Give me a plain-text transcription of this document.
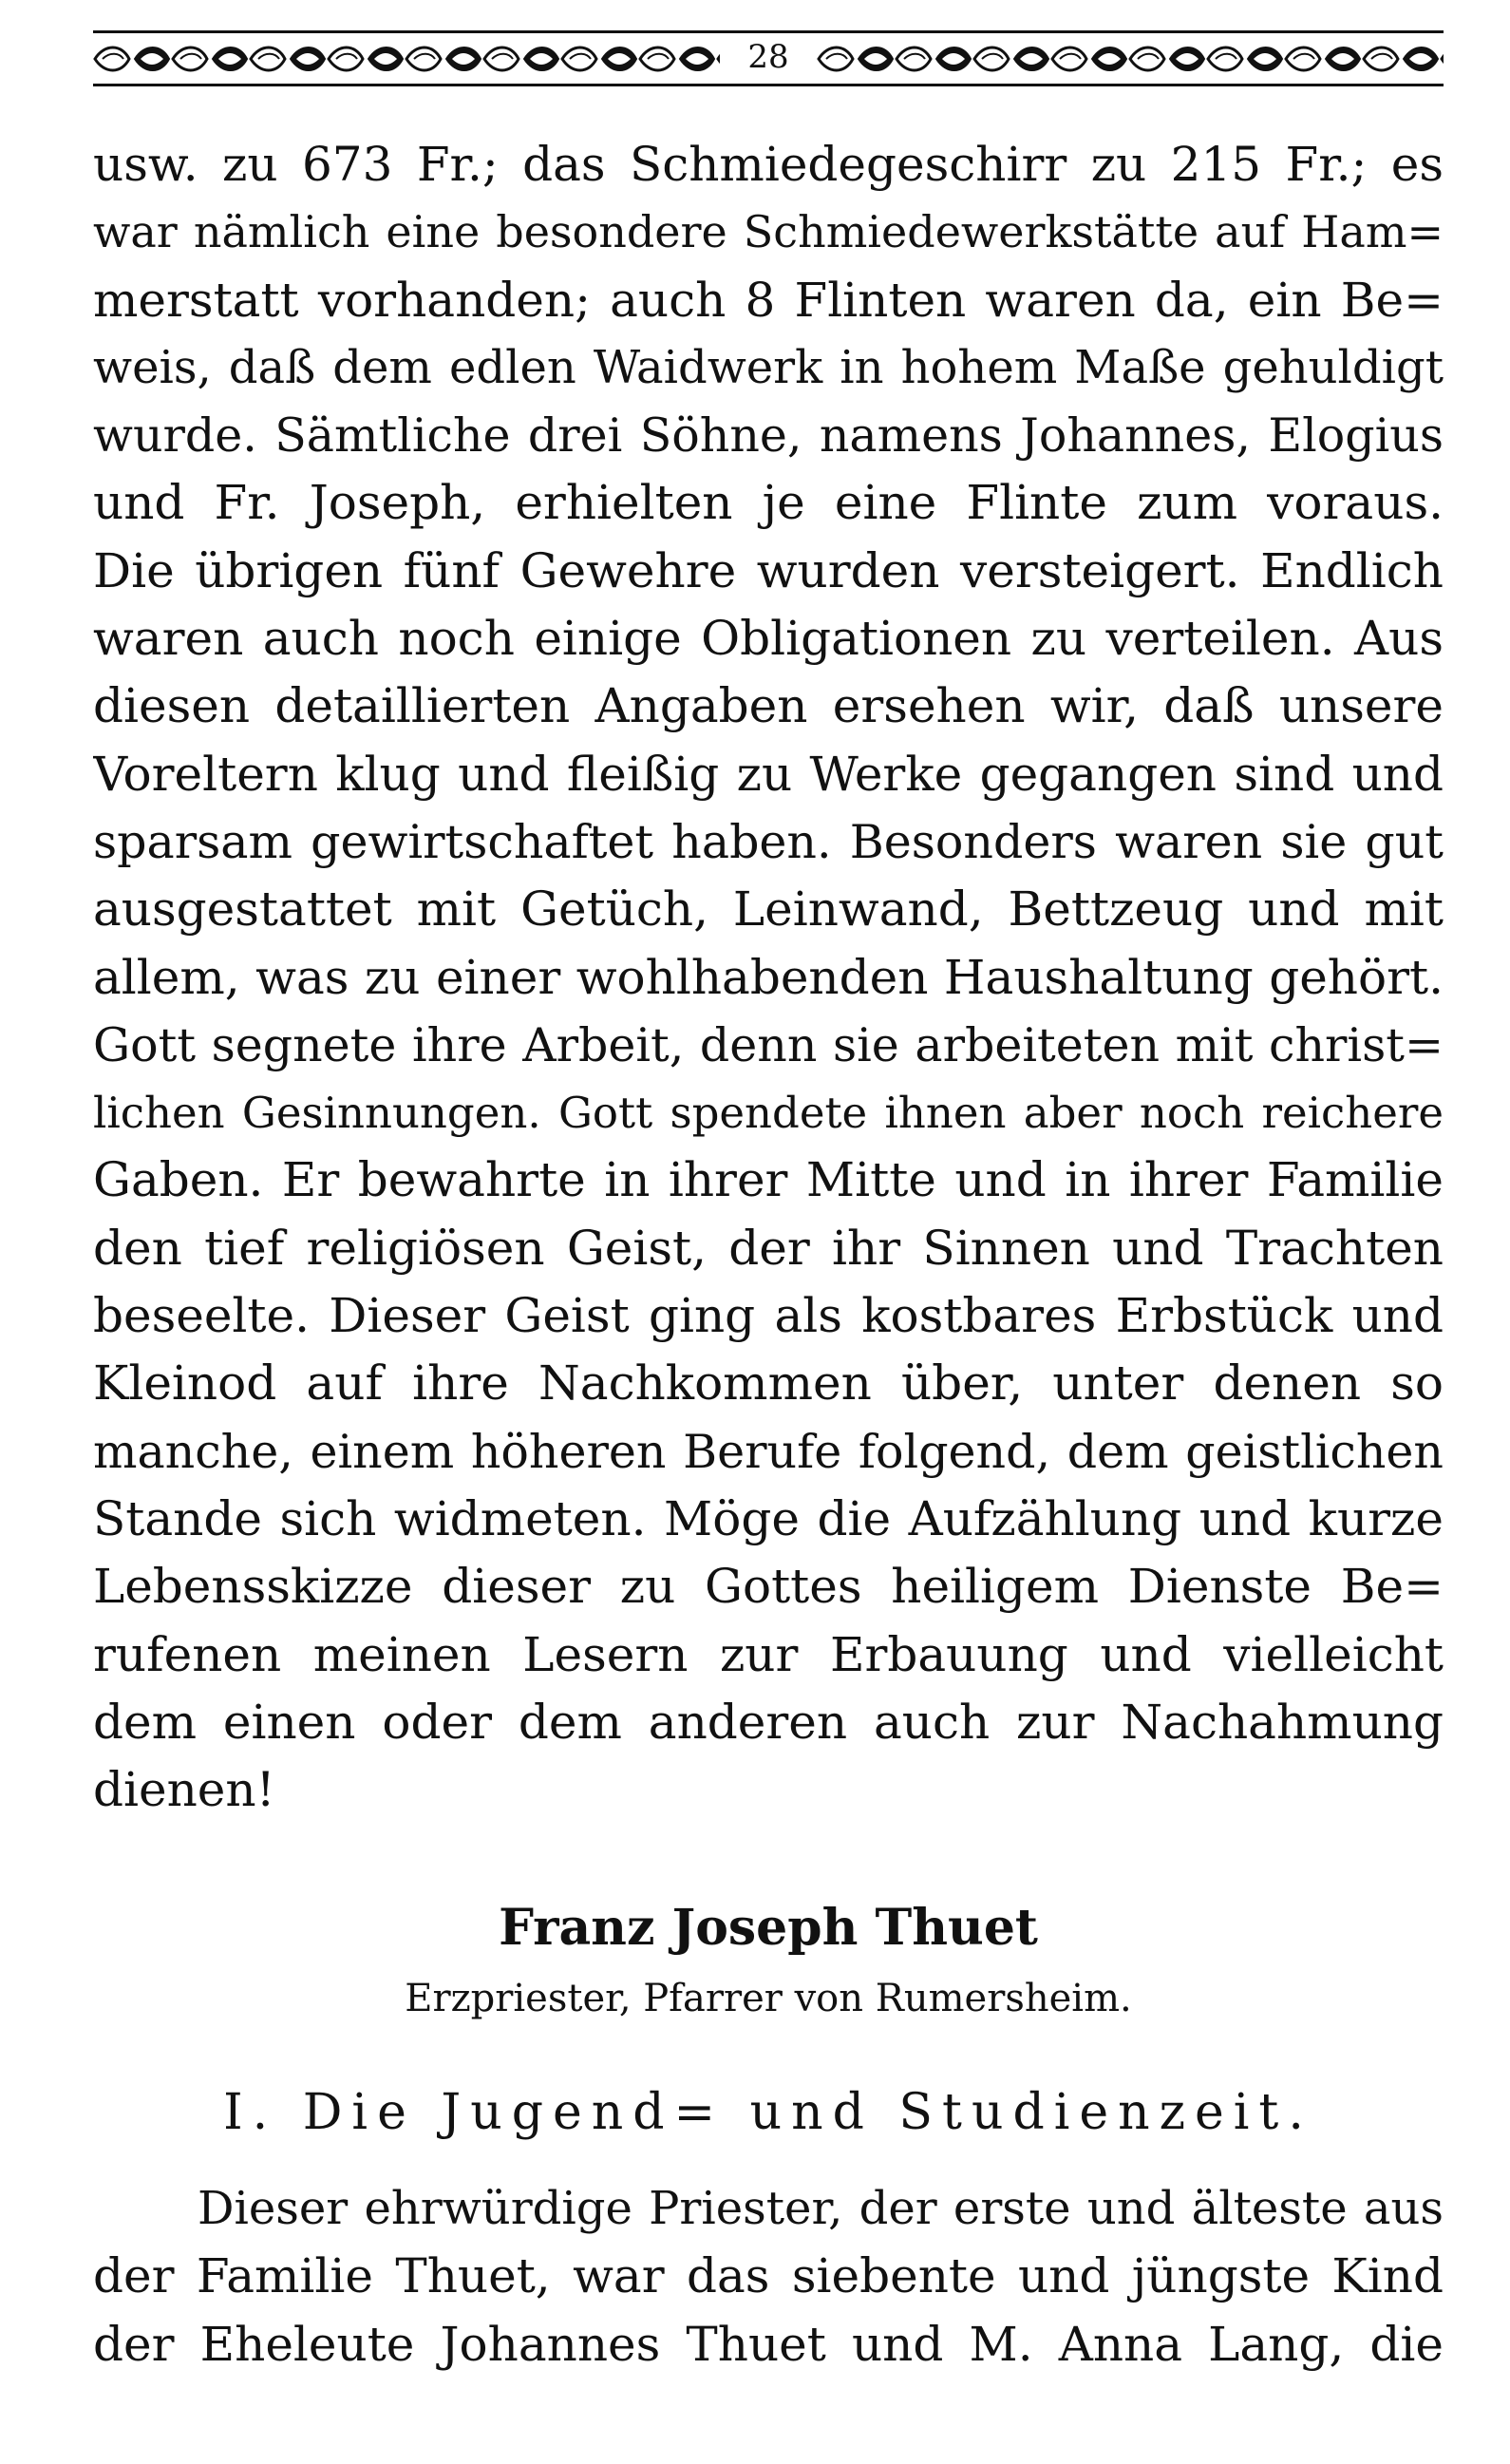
28
usw. zu 673 Fr.; das Schmiedegeschirr zu 215 Fr.; es
war nämlich eine besondere Schmiedewerkstätte auf Ham=
merstatt vorhanden; auch 8 Flinten waren da, ein Be=
weis, daß dem edlen Waidwerk in hohem Maße gehuldigt
wurde. Sämtliche drei Söhne, namens Johannes, Elogius
und Fr. Joseph, erhielten je eine Flinte zum voraus.
Die übrigen fünf Gewehre wurden versteigert. Endlich
waren auch noch einige Obligationen zu verteilen. Aus
diesen detaillierten Angaben ersehen wir, daß unsere
Voreltern klug und fleißig zu Werke gegangen sind und
sparsam gewirtschaftet haben. Besonders waren sie gut
ausgestattet mit Getüch, Leinwand, Bettzeug und mit
allem, was zu einer wohlhabenden Haushaltung gehört.
Gott segnete ihre Arbeit, denn sie arbeiteten mit christ=
lichen Gesinnungen. Gott spendete ihnen aber noch reichere
Gaben. Er bewahrte in ihrer Mitte und in ihrer Familie
den tief religiösen Geist, der ihr Sinnen und Trachten
beseelte. Dieser Geist ging als kostbares Erbstück und
Kleinod auf ihre Nachkommen über, unter denen so
manche, einem höheren Berufe folgend, dem geistlichen
Stande sich widmeten. Möge die Aufzählung und kurze
Lebensskizze dieser zu Gottes heiligem Dienste Be=
rufenen meinen Lesern zur Erbauung und vielleicht
dem einen oder dem anderen auch zur Nachahmung
dienen!
Franz Joseph Thuet
Erzpriester, Pfarrer von Rumersheim.
I. Die Jugend= und Studienzeit.
Dieser ehrwürdige Priester, der erste und älteste aus
der Familie Thuet, war das siebente und jüngste Kind
der Eheleute Johannes Thuet und M. Anna Lang, die
